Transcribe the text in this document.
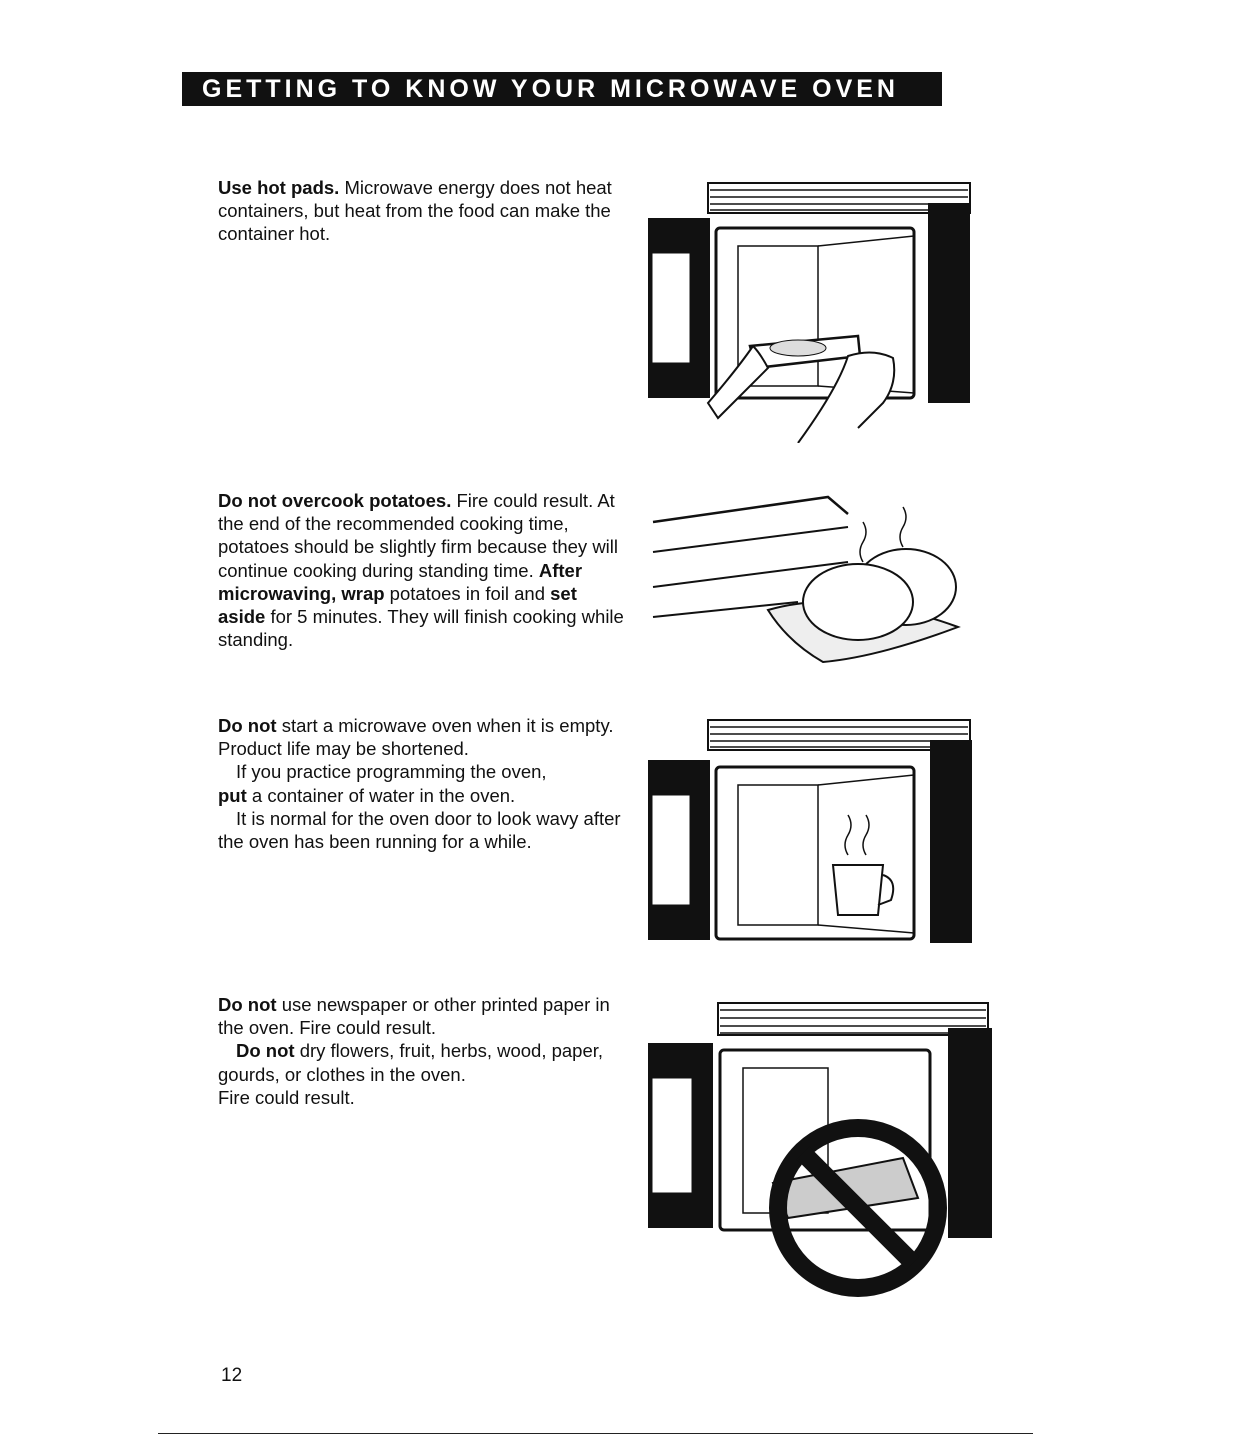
GETTING TO KNOW YOUR MICROWAVE OVEN

Use hot pads. Microwave energy does not heat containers, but heat from the food can make the container hot.

Do not overcook potatoes. Fire could result. At the end of the recommended cooking time, potatoes should be slightly firm because they will continue cooking during standing time. After microwaving, wrap potatoes in foil and set aside for 5 minutes. They will finish cooking while standing.

Do not start a microwave oven when it is empty. Product life may be shortened.

If you practice programming the oven,

put a container of water in the oven.

It is normal for the oven door to look wavy after the oven has been running for a while.

Do not use newspaper or other printed paper in the oven. Fire could result.

Do not dry flowers, fruit, herbs, wood, paper, gourds, or clothes in the oven.

Fire could result.

12
